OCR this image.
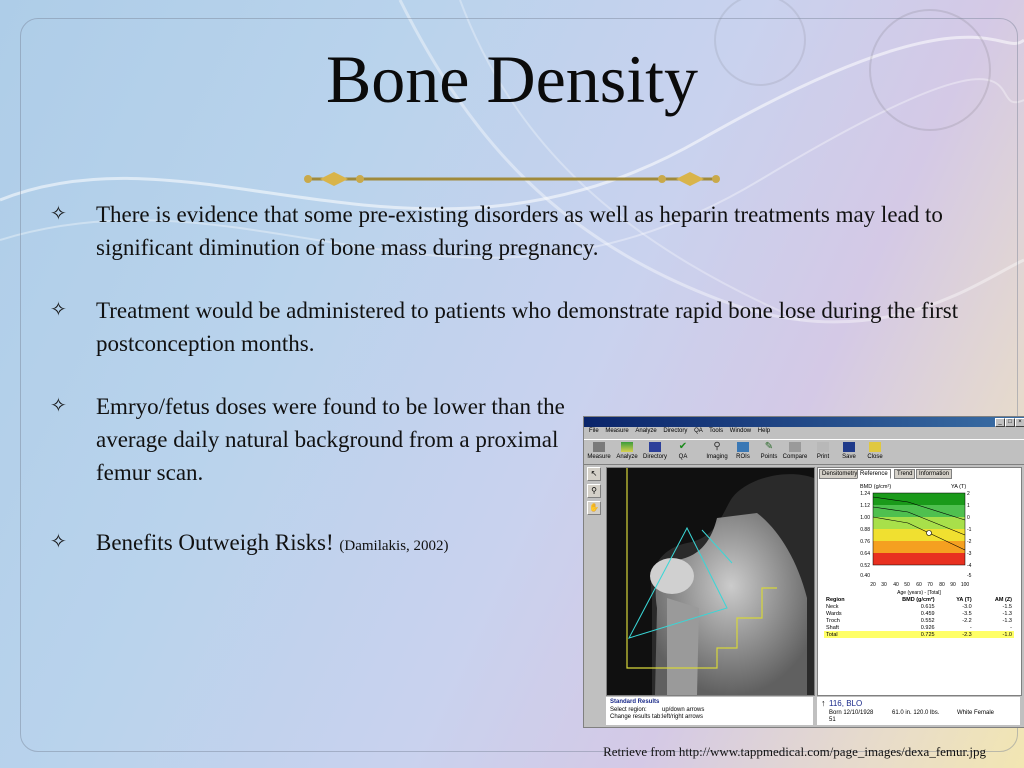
Bone Density
✧ There is evidence that some pre-existing disorders as well as heparin treatments may lead to significant diminution of bone mass during pregnancy.
✧ Treatment would be administered to patients who demonstrate rapid bone lose during the first postconception months.
✧ Emryo/fetus doses were found to be lower than the average daily natural background from a proximal femur scan.
✧ Benefits Outweigh Risks! (Damilakis, 2002)
_	□	×
File Measure Analyze Directory QA Tools Window Help
Measure Analyze Directory
✔
QA
⚲
Imaging	ROIs
✎
Points Compare	Print	Save	Close
↖
⚲
✋
Densitometry Reference	Trend	Information
BMD (g/cm²)	YA (T)
1.24
1.12
1.00
0.88
0.76
0.64
0.52
0.40
2
1
0
-1
-2
-3
-4
-5
20 30 40 50 60 70 80 90 100
Age (years) - [Total]
Region	BMD (g/cm²)	YA (T)	AM (Z)
Neck	0.615	-3.0	-1.5
Wards	0.459	-3.5	-1.3
Troch	0.552	-2.2	-1.3
Shaft	0.926	-	-
Total	0.725	-2.3	-1.0
Standard Results
Select region:	up/down arrows
Change results tab: left/right arrows
↑ 116, BLO
Born 12/10/1928	61.0 in. 120.0 lbs.	White Female
51
Retrieve from http://www.tappmedical.com/page_images/dexa_femur.jpg
